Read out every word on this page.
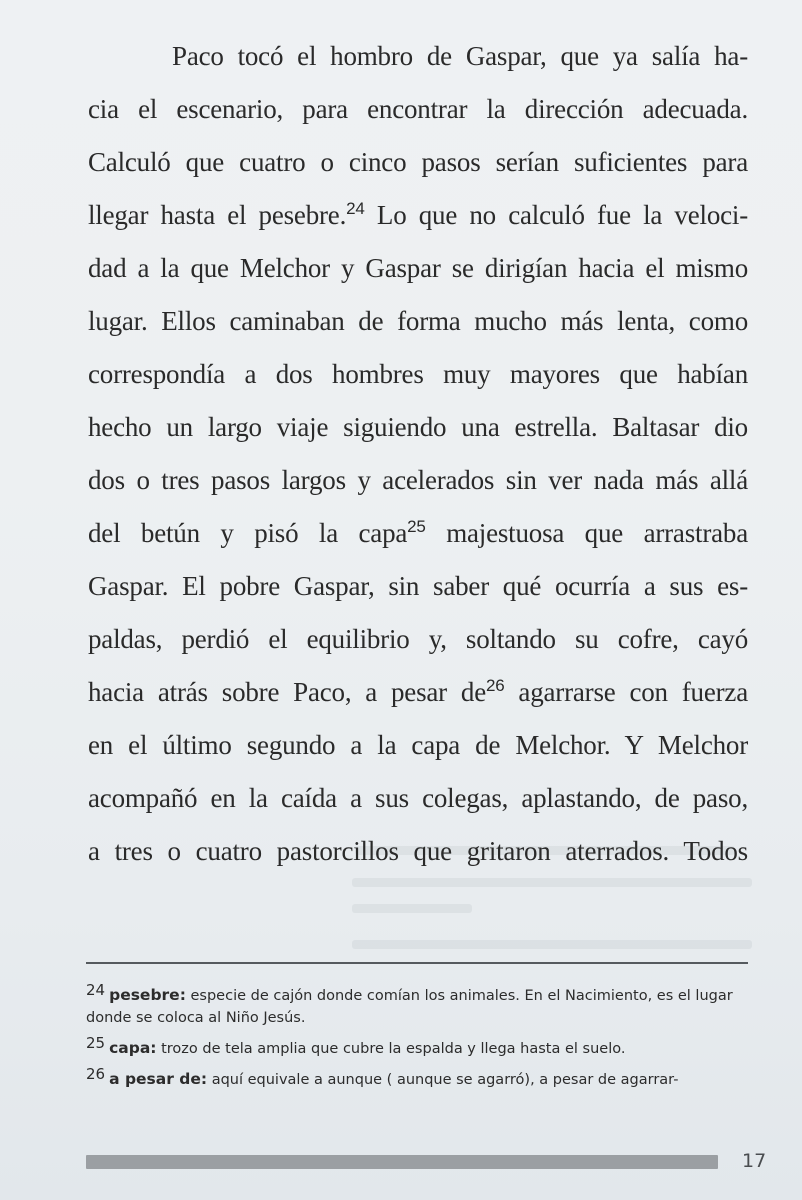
Paco tocó el hombro de Gaspar, que ya salía ha-
cia el escenario, para encontrar la dirección adecuada.
Calculó que cuatro o cinco pasos serían suficientes para
llegar hasta el pesebre.$^{24}$ Lo que no calculó fue la veloci-
dad a la que Melchor y Gaspar se dirigían hacia el mismo
lugar. Ellos caminaban de forma mucho más lenta, como
correspondía a dos hombres muy mayores que habían
hecho un largo viaje siguiendo una estrella. Baltasar dio
dos o tres pasos largos y acelerados sin ver nada más allá
del betún y pisó la capa$^{25}$ majestuosa que arrastraba
Gaspar. El pobre Gaspar, sin saber qué ocurría a sus es-
paldas, perdió el equilibrio y, soltando su cofre, cayó
hacia atrás sobre Paco, a pesar $de^{26}$ agarrarse con fuerza
en el último segundo a la capa de Melchor. Y Melchor
acompañó en la caída a sus colegas, aplastando, de paso,
a tres o cuatro pastorcillos que gritaron aterrados. Todos
24 pesebre: especie de cajón donde comían los animales. En el Nacimiento, es el lugar donde se coloca al Niño Jesús.
25 capa: trozo de tela amplia que cubre la espalda y llega hasta el suelo.
26 a pesar de: aquí equivale a aunque ( aunque se agarró), a pesar de agarrar-
17
